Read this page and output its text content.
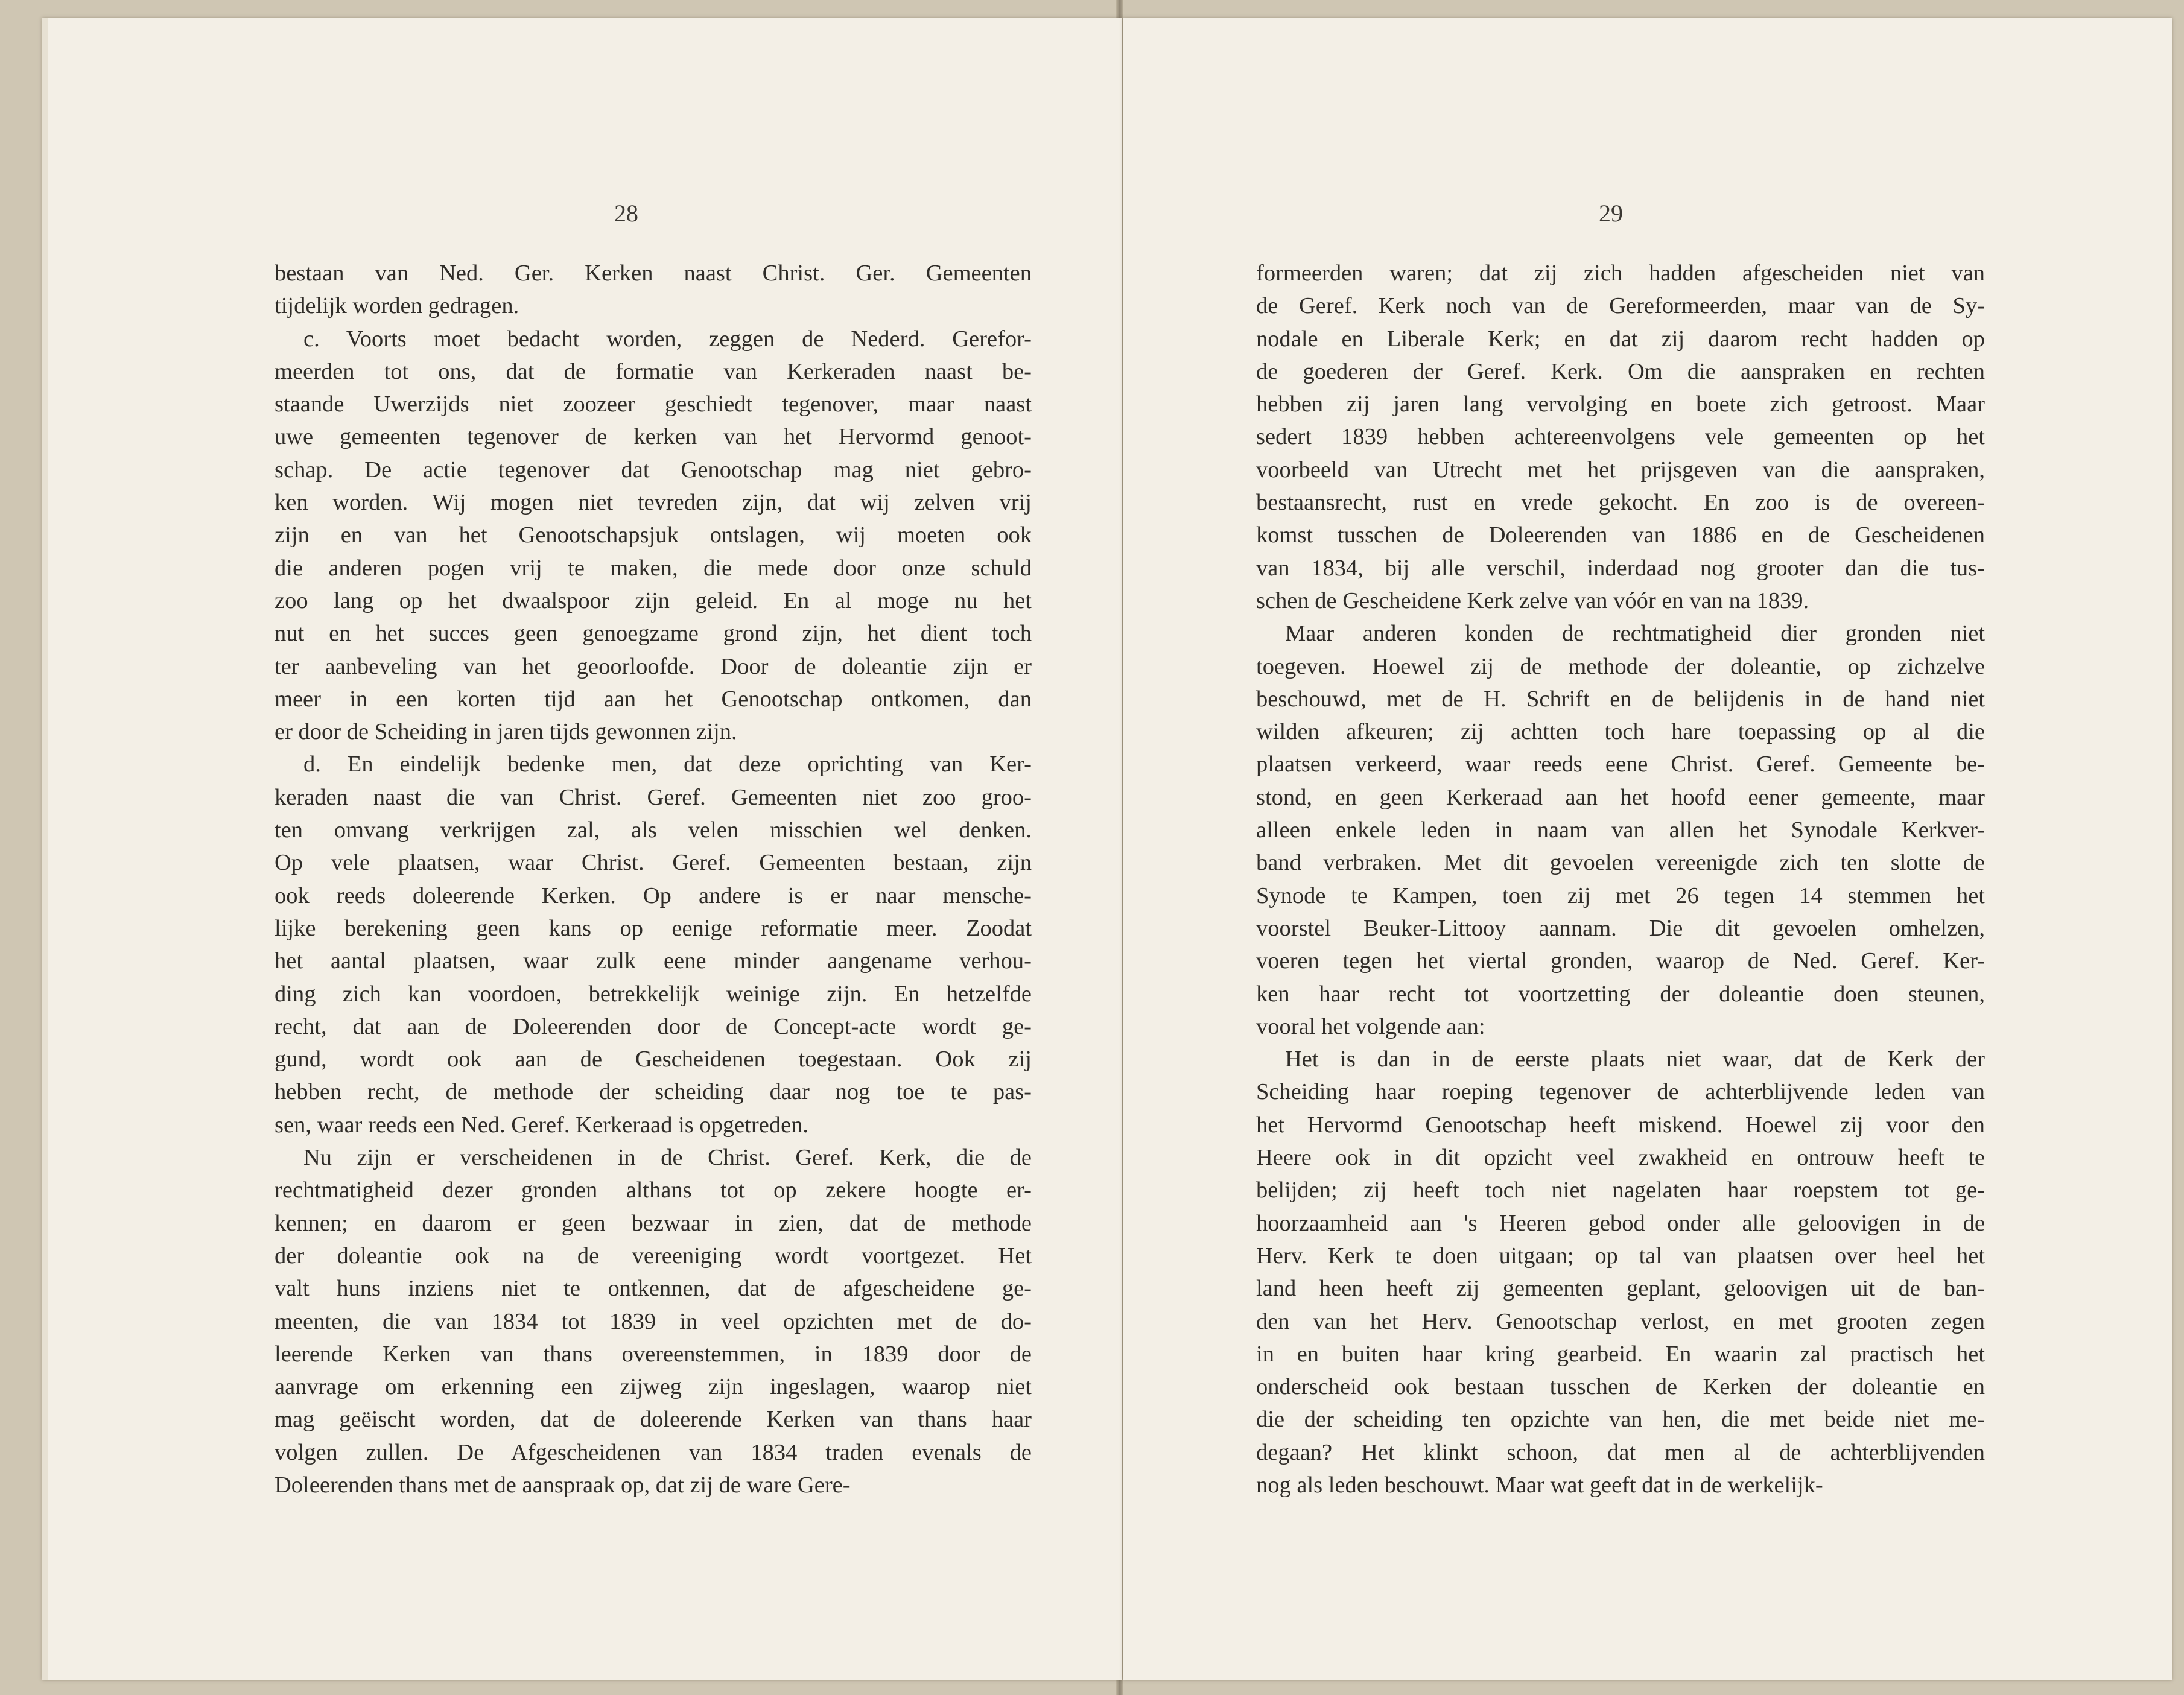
28
bestaan van Ned. Ger. Kerken naast Christ. Ger. Gemeenten
tijdelijk worden gedragen.
c. Voorts moet bedacht worden, zeggen de Nederd. Gerefor-
meerden tot ons, dat de formatie van Kerkeraden naast be-
staande Uwerzijds niet zoozeer geschiedt tegenover, maar naast
uwe gemeenten tegenover de kerken van het Hervormd genoot-
schap. De actie tegenover dat Genootschap mag niet gebro-
ken worden. Wij mogen niet tevreden zijn, dat wij zelven vrij
zijn en van het Genootschapsjuk ontslagen, wij moeten ook
die anderen pogen vrij te maken, die mede door onze schuld
zoo lang op het dwaalspoor zijn geleid. En al moge nu het
nut en het succes geen genoegzame grond zijn, het dient toch
ter aanbeveling van het geoorloofde. Door de doleantie zijn er
meer in een korten tijd aan het Genootschap ontkomen, dan
er door de Scheiding in jaren tijds gewonnen zijn.
d. En eindelijk bedenke men, dat deze oprichting van Ker-
keraden naast die van Christ. Geref. Gemeenten niet zoo groo-
ten omvang verkrijgen zal, als velen misschien wel denken.
Op vele plaatsen, waar Christ. Geref. Gemeenten bestaan, zijn
ook reeds doleerende Kerken. Op andere is er naar mensche-
lijke berekening geen kans op eenige reformatie meer. Zoodat
het aantal plaatsen, waar zulk eene minder aangename verhou-
ding zich kan voordoen, betrekkelijk weinige zijn. En hetzelfde
recht, dat aan de Doleerenden door de Concept-acte wordt ge-
gund, wordt ook aan de Gescheidenen toegestaan. Ook zij
hebben recht, de methode der scheiding daar nog toe te pas-
sen, waar reeds een Ned. Geref. Kerkeraad is opgetreden.
Nu zijn er verscheidenen in de Christ. Geref. Kerk, die de
rechtmatigheid dezer gronden althans tot op zekere hoogte er-
kennen; en daarom er geen bezwaar in zien, dat de methode
der doleantie ook na de vereeniging wordt voortgezet. Het
valt huns inziens niet te ontkennen, dat de afgescheidene ge-
meenten, die van 1834 tot 1839 in veel opzichten met de do-
leerende Kerken van thans overeenstemmen, in 1839 door de
aanvrage om erkenning een zijweg zijn ingeslagen, waarop niet
mag geëischt worden, dat de doleerende Kerken van thans haar
volgen zullen. De Afgescheidenen van 1834 traden evenals de
Doleerenden thans met de aanspraak op, dat zij de ware Gere-
29
formeerden waren; dat zij zich hadden afgescheiden niet van
de Geref. Kerk noch van de Gereformeerden, maar van de Sy-
nodale en Liberale Kerk; en dat zij daarom recht hadden op
de goederen der Geref. Kerk. Om die aanspraken en rechten
hebben zij jaren lang vervolging en boete zich getroost. Maar
sedert 1839 hebben achtereenvolgens vele gemeenten op het
voorbeeld van Utrecht met het prijsgeven van die aanspraken,
bestaansrecht, rust en vrede gekocht. En zoo is de overeen-
komst tusschen de Doleerenden van 1886 en de Gescheidenen
van 1834, bij alle verschil, inderdaad nog grooter dan die tus-
schen de Gescheidene Kerk zelve van vóór en van na 1839.
Maar anderen konden de rechtmatigheid dier gronden niet
toegeven. Hoewel zij de methode der doleantie, op zichzelve
beschouwd, met de H. Schrift en de belijdenis in de hand niet
wilden afkeuren; zij achtten toch hare toepassing op al die
plaatsen verkeerd, waar reeds eene Christ. Geref. Gemeente be-
stond, en geen Kerkeraad aan het hoofd eener gemeente, maar
alleen enkele leden in naam van allen het Synodale Kerkver-
band verbraken. Met dit gevoelen vereenigde zich ten slotte de
Synode te Kampen, toen zij met 26 tegen 14 stemmen het
voorstel Beuker-Littooy aannam. Die dit gevoelen omhelzen,
voeren tegen het viertal gronden, waarop de Ned. Geref. Ker-
ken haar recht tot voortzetting der doleantie doen steunen,
vooral het volgende aan:
Het is dan in de eerste plaats niet waar, dat de Kerk der
Scheiding haar roeping tegenover de achterblijvende leden van
het Hervormd Genootschap heeft miskend. Hoewel zij voor den
Heere ook in dit opzicht veel zwakheid en ontrouw heeft te
belijden; zij heeft toch niet nagelaten haar roepstem tot ge-
hoorzaamheid aan 's Heeren gebod onder alle geloovigen in de
Herv. Kerk te doen uitgaan; op tal van plaatsen over heel het
land heen heeft zij gemeenten geplant, geloovigen uit de ban-
den van het Herv. Genootschap verlost, en met grooten zegen
in en buiten haar kring gearbeid. En waarin zal practisch het
onderscheid ook bestaan tusschen de Kerken der doleantie en
die der scheiding ten opzichte van hen, die met beide niet me-
degaan? Het klinkt schoon, dat men al de achterblijvenden
nog als leden beschouwt. Maar wat geeft dat in de werkelijk-
